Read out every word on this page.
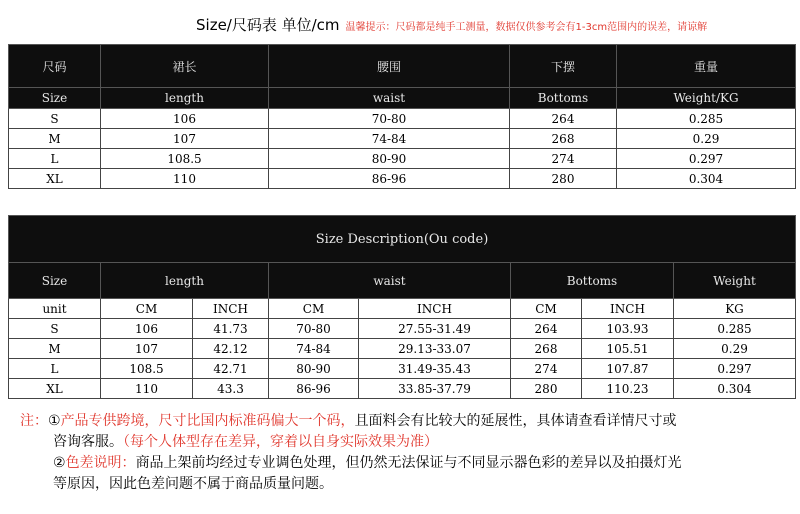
Size/尺码表 单位/cm 温馨提示：尺码都是纯手工测量，数据仅供参考会有1-3cm范围内的误差，请谅解
尺码	裙长	腰围	下摆	重量
Size	length	waist	Bottoms	Weight/KG
S	106	70-80	264	0.285
M	107	74-84	268	0.29
L	108.5	80-90	274	0.297
XL	110	86-96	280	0.304
Size Description(Ou code)							
Size	length		waist		Bottoms		Weight
unit	CM	INCH	CM	INCH	CM	INCH	KG
S	106	41.73	70-80	27.55-31.49	264	103.93	0.285
M	107	42.12	74-84	29.13-33.07	268	105.51	0.29
L	108.5	42.71	80-90	31.49-35.43	274	107.87	0.297
XL	110	43.3	86-96	33.85-37.79	280	110.23	0.304
注：①产品专供跨境，尺寸比国内标准码偏大一个码，且面料会有比较大的延展性，具体请查看详情尺寸或
咨询客服。（每个人体型存在差异，穿着以自身实际效果为准）
②色差说明：商品上架前均经过专业调色处理，但仍然无法保证与不同显示器色彩的差异以及拍摄灯光
等原因，因此色差问题不属于商品质量问题。
